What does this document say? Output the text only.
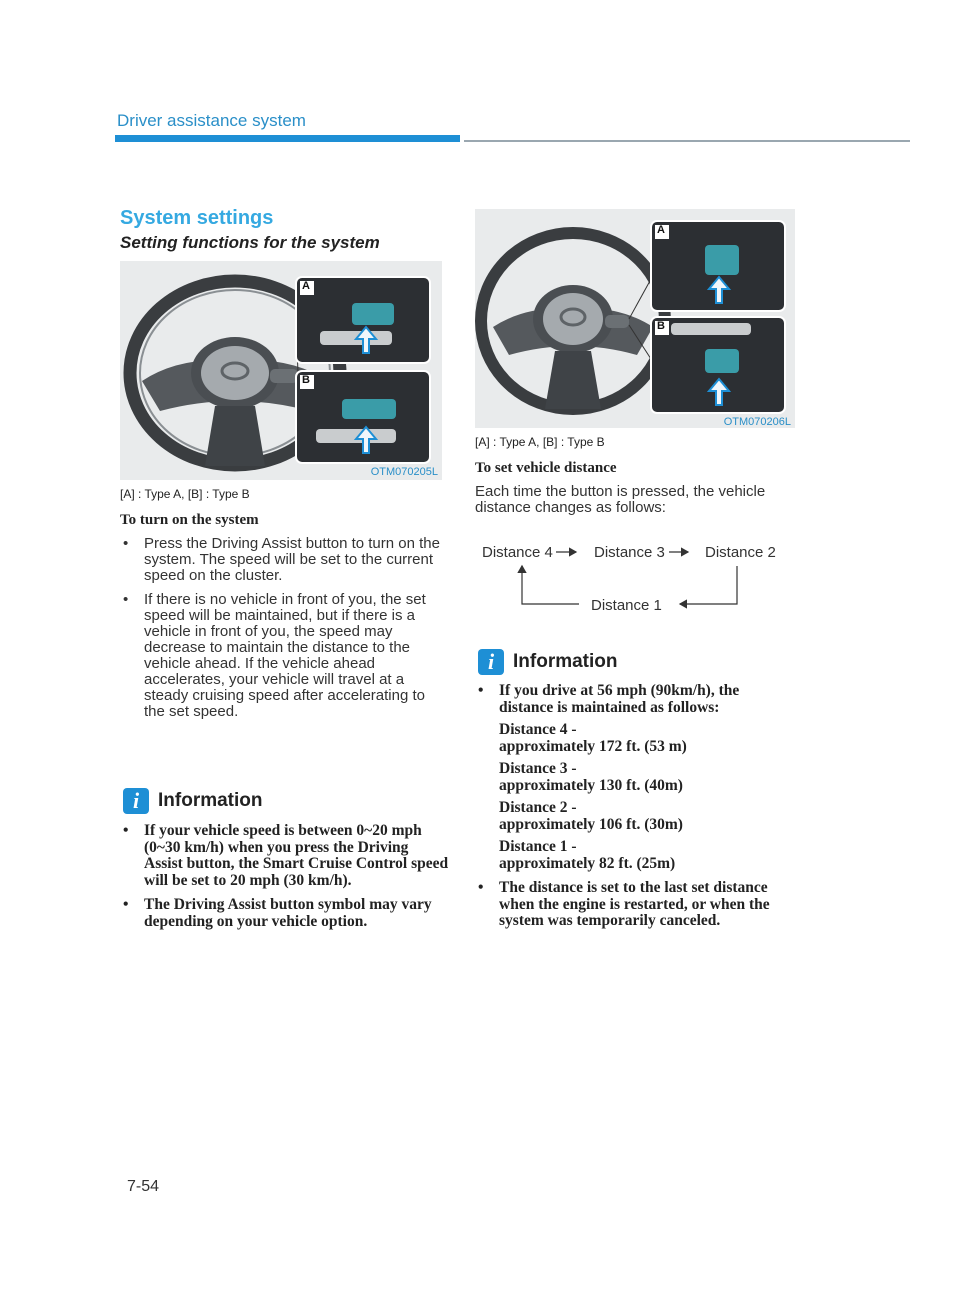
Driver assistance system
System settings
Setting functions for the system
A
B
OTM070205L
[A] : Type A, [B] : Type B
To turn on the system
• Press the Driving Assist button to turn on the system. The speed will be set to the current speed on the cluster.
• If there is no vehicle in front of you, the set speed will be maintained, but if there is a vehicle in front of you, the speed may decrease to maintain the distance to the vehicle ahead. If the vehicle ahead accelerates, your vehicle will travel at a steady cruising speed after accelerating to the set speed.
i Information
• If your vehicle speed is between 0~20 mph (0~30 km/h) when you press the Driving Assist button, the Smart Cruise Control speed will be set to 20 mph (30 km/h).
• The Driving Assist button symbol may vary depending on your vehicle option.
A
B
OTM070206L
[A] : Type A, [B] : Type B
To set vehicle distance
Each time the button is pressed, the vehicle distance changes as follows:
Distance 4	Distance 3	Distance 2
Distance 1
i Information
• If you drive at 56 mph (90km/h), the distance is maintained as follows:
Distance 4 -
approximately 172 ft. (53 m)
Distance 3 -
approximately 130 ft. (40m)
Distance 2 -
approximately 106 ft. (30m)
Distance 1 -
approximately 82 ft. (25m)
• The distance is set to the last set distance when the engine is restarted, or when the system was temporarily canceled.
7-54
